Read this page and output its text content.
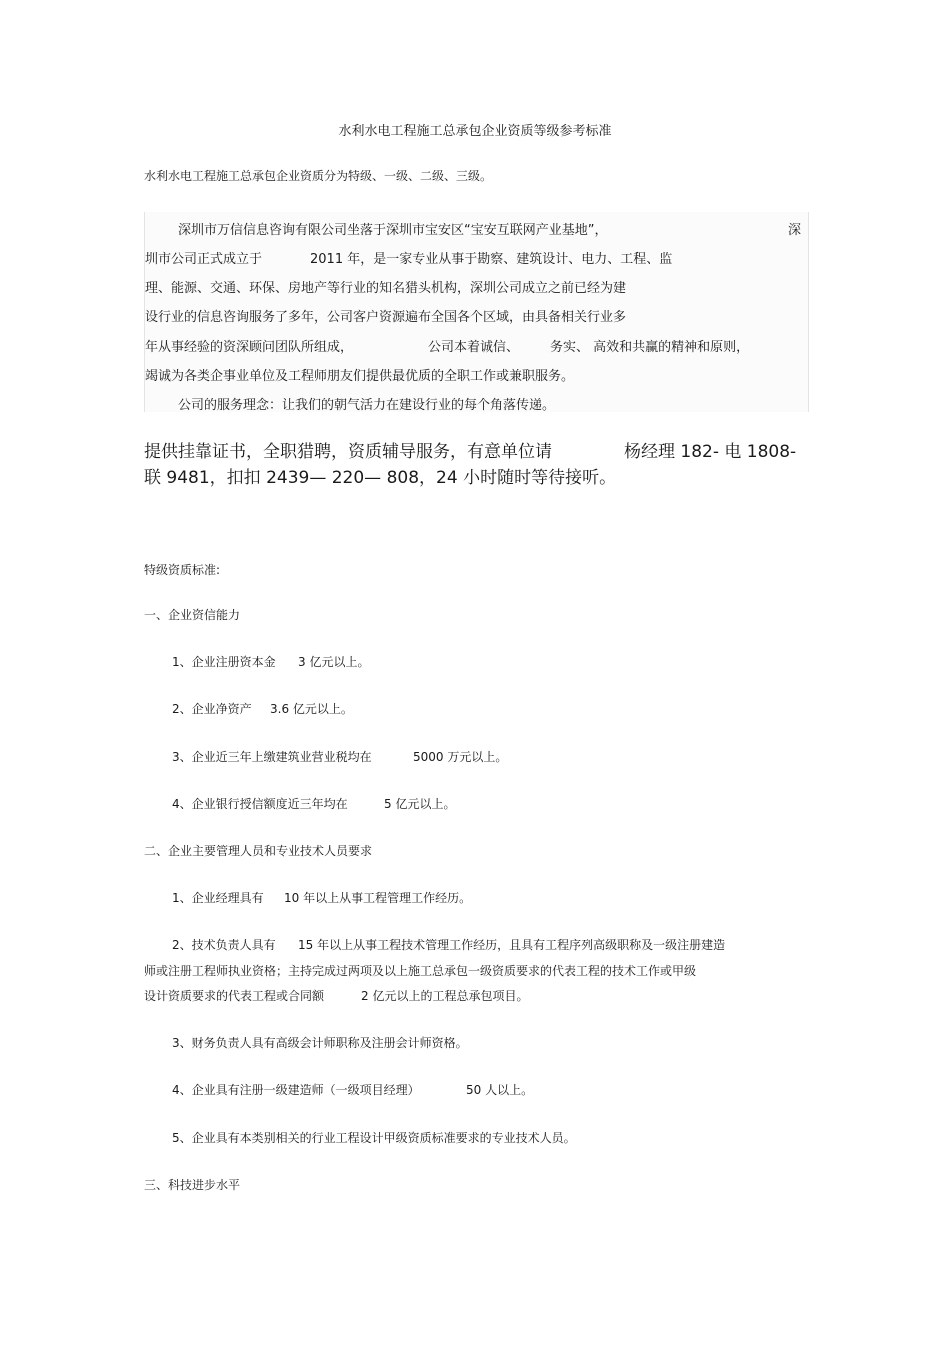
水利水电工程施工总承包企业资质等级参考标准
水利水电工程施工总承包企业资质分为特级、一级、二级、三级。
深圳市万信信息咨询有限公司坐落于深圳市宝安区“宝安互联网产业基地”，	深
圳市公司正式成立于	2011 年，是一家专业从事于勘察、建筑设计、电力、工程、监
理、能源、交通、环保、房地产等行业的知名猎头机构，深圳公司成立之前已经为建
设行业的信息咨询服务了多年，公司客户资源遍布全国各个区域，由具备相关行业多
年从事经验的资深顾问团队所组成，	公司本着诚信、 务实、 高效和共赢的精神和原则，
竭诚为各类企事业单位及工程师朋友们提供最优质的全职工作或兼职服务。
公司的服务理念：让我们的朝气活力在建设行业的每个角落传递。
提供挂靠证书，全职猎聘，资质辅导服务，有意单位请	杨经理 182- 电 1808-
联 9481，扣扣 2439— 220— 808，24 小时随时等待接听。
特级资质标准:
一、企业资信能力
1、企业注册资本金 3 亿元以上。
2、企业净资产 3.6 亿元以上。
3、企业近三年上缴建筑业营业税均在	5000 万元以上。
4、企业银行授信额度近三年均在	5 亿元以上。
二、企业主要管理人员和专业技术人员要求
1、企业经理具有 10 年以上从事工程管理工作经历。
2、技术负责人具有 15 年以上从事工程技术管理工作经历，且具有工程序列高级职称及一级注册建造
师或注册工程师执业资格；主持完成过两项及以上施工总承包一级资质要求的代表工程的技术工作或甲级
设计资质要求的代表工程或合同额	2 亿元以上的工程总承包项目。
3、财务负责人具有高级会计师职称及注册会计师资格。
4、企业具有注册一级建造师（一级项目经理）	50 人以上。
5、企业具有本类别相关的行业工程设计甲级资质标准要求的专业技术人员。
三、科技进步水平
